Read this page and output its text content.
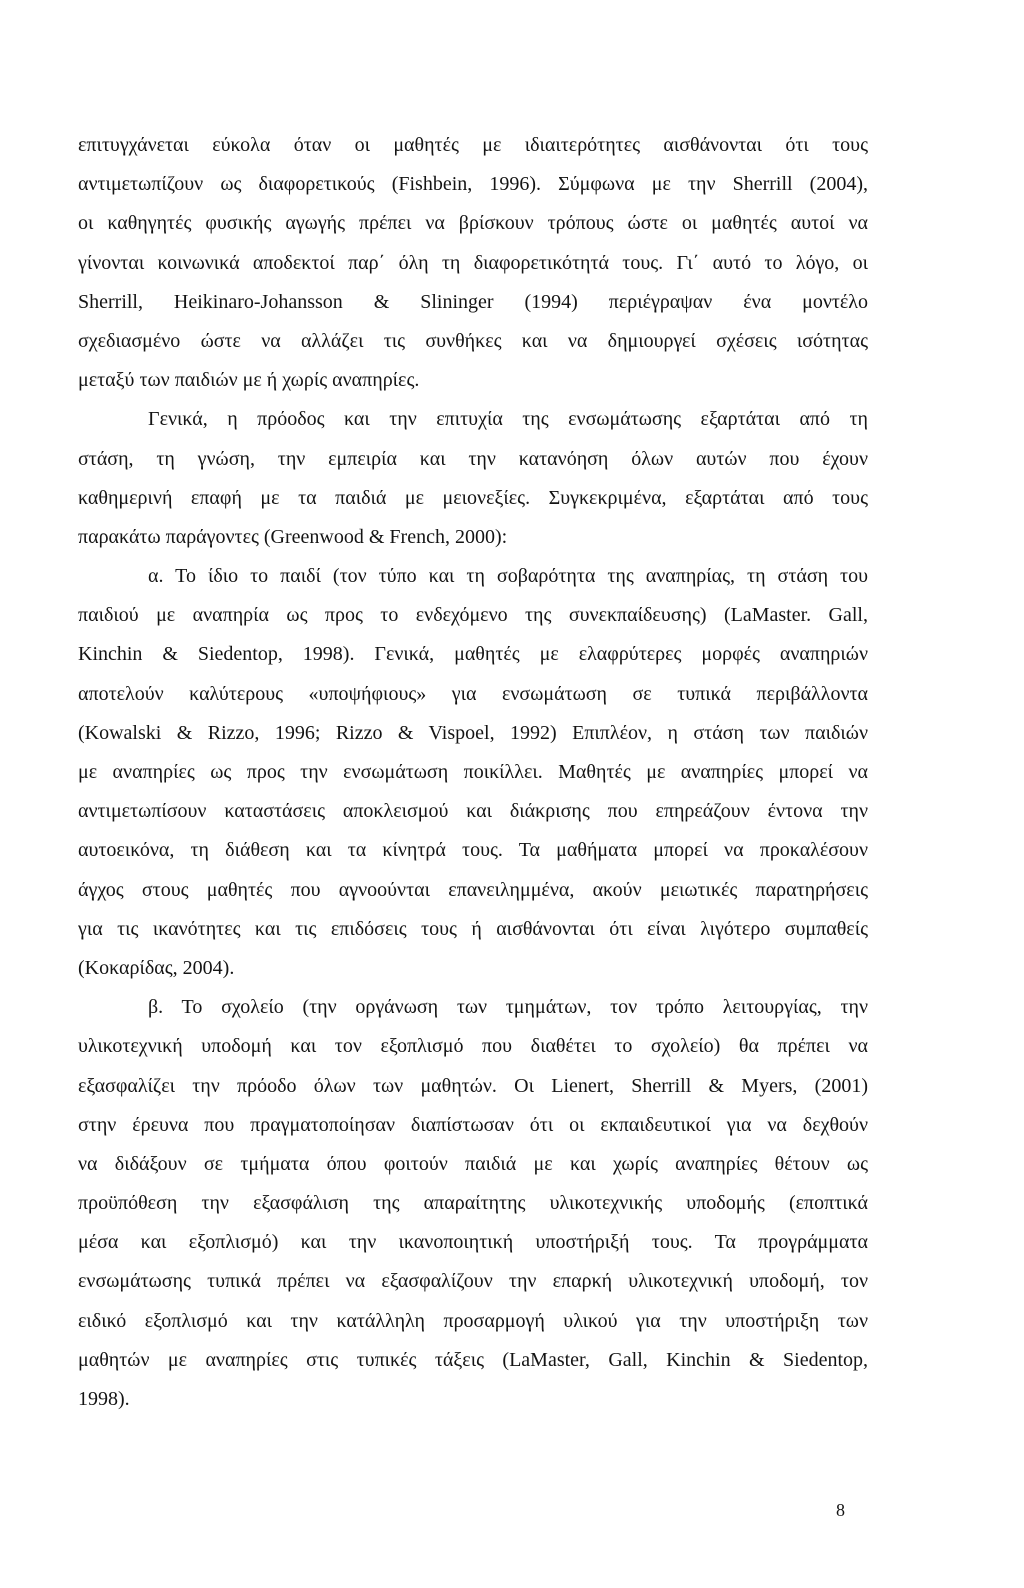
επιτυγχάνεται εύκολα όταν οι μαθητές με ιδιαιτερότητες αισθάνονται ότι τους
αντιμετωπίζουν ως διαφορετικούς (Fishbein, 1996). Σύμφωνα με την Sherrill (2004),
οι καθηγητές φυσικής αγωγής πρέπει να βρίσκουν τρόπους ώστε οι μαθητές αυτοί να
γίνονται κοινωνικά αποδεκτοί παρ΄ όλη τη διαφορετικότητά τους. Γι΄ αυτό το λόγο, οι
Sherrill, Heikinaro-Johansson & Slininger (1994) περιέγραψαν ένα μοντέλο
σχεδιασμένο ώστε να αλλάζει τις συνθήκες και να δημιουργεί σχέσεις ισότητας
μεταξύ των παιδιών με ή χωρίς αναπηρίες.
Γενικά, η πρόοδος και την επιτυχία της ενσωμάτωσης εξαρτάται από τη
στάση, τη γνώση, την εμπειρία και την κατανόηση όλων αυτών που έχουν
καθημερινή επαφή με τα παιδιά με μειονεξίες. Συγκεκριμένα, εξαρτάται από τους
παρακάτω παράγοντες (Greenwood & French, 2000):
α. Το ίδιο το παιδί (τον τύπο και τη σοβαρότητα της αναπηρίας, τη στάση του
παιδιού με αναπηρία ως προς το ενδεχόμενο της συνεκπαίδευσης) (LaMaster. Gall,
Kinchin & Siedentop, 1998). Γενικά, μαθητές με ελαφρύτερες μορφές αναπηριών
αποτελούν καλύτερους «υποψήφιους» για ενσωμάτωση σε τυπικά περιβάλλοντα
(Kowalski & Rizzo, 1996; Rizzo & Vispoel, 1992) Επιπλέον, η στάση των παιδιών
με αναπηρίες ως προς την ενσωμάτωση ποικίλλει. Μαθητές με αναπηρίες μπορεί να
αντιμετωπίσουν καταστάσεις αποκλεισμού και διάκρισης που επηρεάζουν έντονα την
αυτοεικόνα, τη διάθεση και τα κίνητρά τους. Τα μαθήματα μπορεί να προκαλέσουν
άγχος στους μαθητές που αγνοούνται επανειλημμένα, ακούν μειωτικές παρατηρήσεις
για τις ικανότητες και τις επιδόσεις τους ή αισθάνονται ότι είναι λιγότερο συμπαθείς
(Κοκαρίδας, 2004).
β. Το σχολείο (την οργάνωση των τμημάτων, τον τρόπο λειτουργίας, την
υλικοτεχνική υποδομή και τον εξοπλισμό που διαθέτει το σχολείο) θα πρέπει να
εξασφαλίζει την πρόοδο όλων των μαθητών. Οι Lienert, Sherrill & Myers, (2001)
στην έρευνα που πραγματοποίησαν διαπίστωσαν ότι οι εκπαιδευτικοί για να δεχθούν
να διδάξουν σε τμήματα όπου φοιτούν παιδιά με και χωρίς αναπηρίες θέτουν ως
προϋπόθεση την εξασφάλιση της απαραίτητης υλικοτεχνικής υποδομής (εποπτικά
μέσα και εξοπλισμό) και την ικανοποιητική υποστήριξή τους. Τα προγράμματα
ενσωμάτωσης τυπικά πρέπει να εξασφαλίζουν την επαρκή υλικοτεχνική υποδομή, τον
ειδικό εξοπλισμό και την κατάλληλη προσαρμογή υλικού για την υποστήριξη των
μαθητών με αναπηρίες στις τυπικές τάξεις (LaMaster, Gall, Kinchin & Siedentop,
1998).
8
